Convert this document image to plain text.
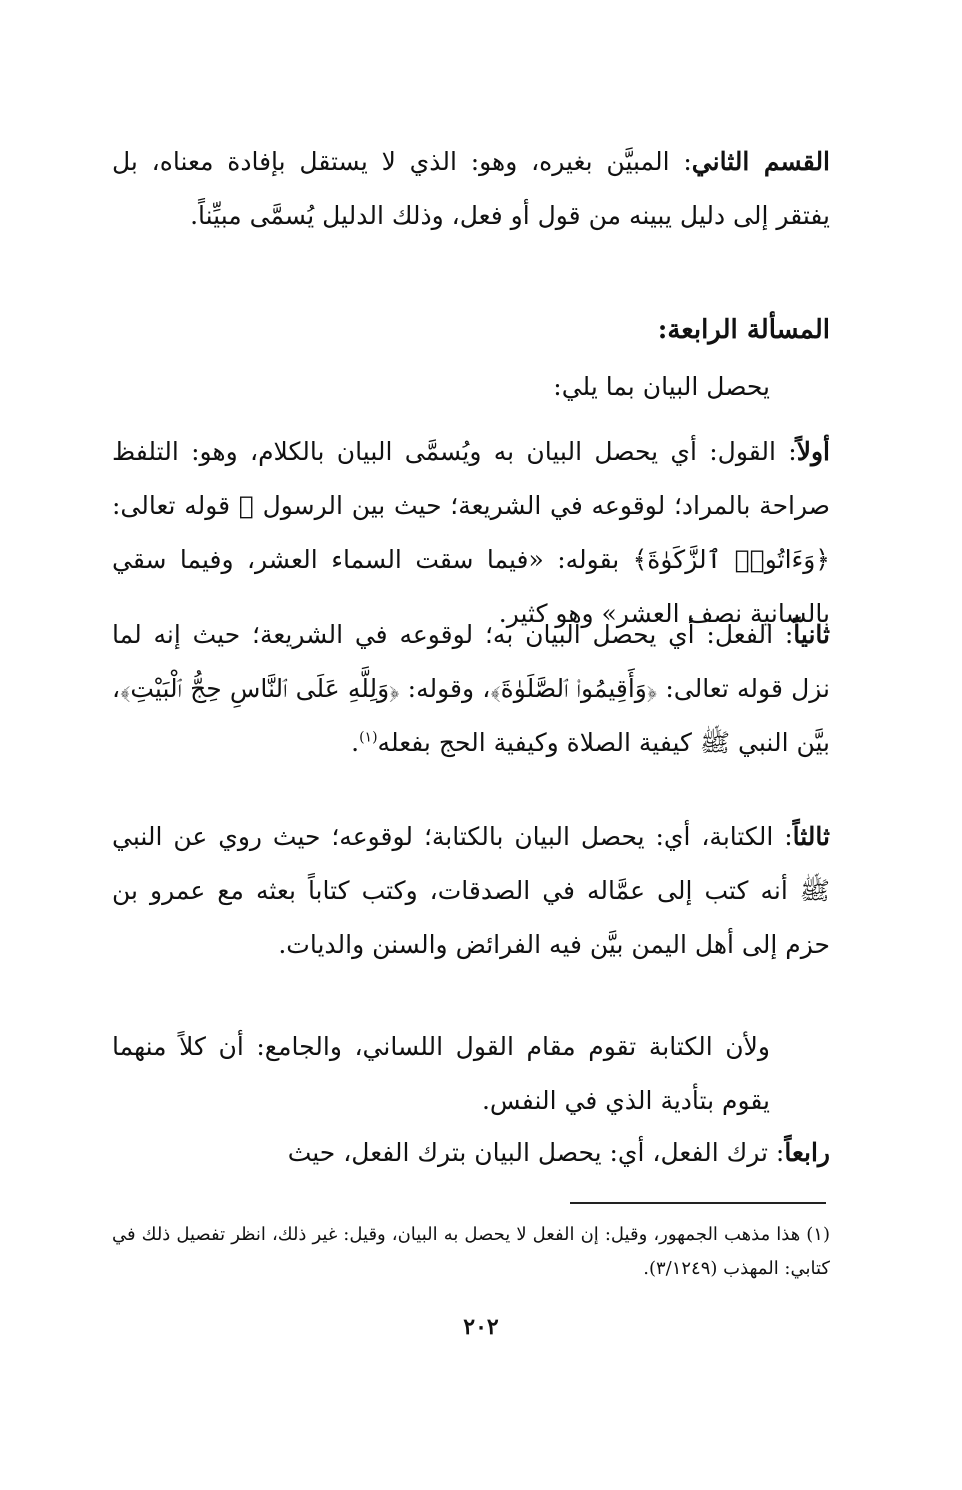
القسم الثاني: المبيَّن بغيره، وهو: الذي لا يستقل بإفادة معناه، بل يفتقر إلى دليل يبينه من قول أو فعل، وذلك الدليل يُسمَّى مبيِّناً.
المسألة الرابعة:
يحصل البيان بما يلي:
أولاً: القول: أي يحصل البيان به ويُسمَّى البيان بالكلام، وهو: التلفظ صراحة بالمراد؛ لوقوعه في الشريعة؛ حيث بين الرسول ﷺ قوله تعالى: ﴿وَءَاتُوا۟ ٱلزَّكَوٰةَ﴾ بقوله: «فيما سقت السماء العشر، وفيما سقي بالسانية نصف العشر» وهو كثير.
ثانياً: الفعل: أي يحصل البيان به؛ لوقوعه في الشريعة؛ حيث إنه لما نزل قوله تعالى: ﴿وَأَقِيمُوا۟ ٱلصَّلَوٰةَ﴾، وقوله: ﴿وَلِلَّهِ عَلَى ٱلنَّاسِ حِجُّ ٱلْبَيْتِ﴾، بيَّن النبي ﷺ كيفية الصلاة وكيفية الحج بفعله$^{(١)}$.
ثالثاً: الكتابة، أي: يحصل البيان بالكتابة؛ لوقوعه؛ حيث روي عن النبي ﷺ أنه كتب إلى عمَّاله في الصدقات، وكتب كتاباً بعثه مع عمرو بن حزم إلى أهل اليمن بيَّن فيه الفرائض والسنن والديات.
ولأن الكتابة تقوم مقام القول اللساني، والجامع: أن كلاً منهما يقوم بتأدية الذي في النفس.
رابعاً: ترك الفعل، أي: يحصل البيان بترك الفعل، حيث
(١) هذا مذهب الجمهور، وقيل: إن الفعل لا يحصل به البيان، وقيل: غير ذلك، انظر تفصيل ذلك في كتابي: المهذب (٣/١٢٤٩).
٢٠٢
